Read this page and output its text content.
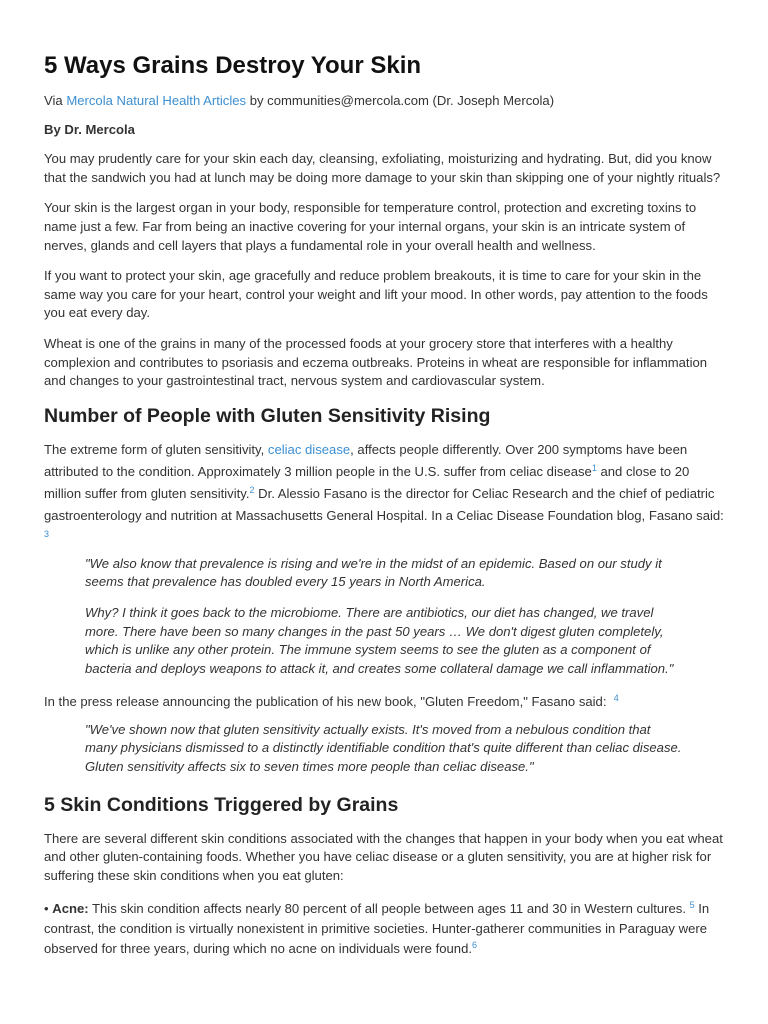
5 Ways Grains Destroy Your Skin

Via Mercola Natural Health Articles by communities@mercola.com (Dr. Joseph Mercola)

By Dr. Mercola

You may prudently care for your skin each day, cleansing, exfoliating, moisturizing and hydrating. But, did you know that the sandwich you had at lunch may be doing more damage to your skin than skipping one of your nightly rituals?

Your skin is the largest organ in your body, responsible for temperature control, protection and excreting toxins to name just a few. Far from being an inactive covering for your internal organs, your skin is an intricate system of nerves, glands and cell layers that plays a fundamental role in your overall health and wellness.

If you want to protect your skin, age gracefully and reduce problem breakouts, it is time to care for your skin in the same way you care for your heart, control your weight and lift your mood. In other words, pay attention to the foods you eat every day.

Wheat is one of the grains in many of the processed foods at your grocery store that interferes with a healthy complexion and contributes to psoriasis and eczema outbreaks. Proteins in wheat are responsible for inflammation and changes to your gastrointestinal tract, nervous system and cardiovascular system.

Number of People with Gluten Sensitivity Rising

The extreme form of gluten sensitivity, celiac disease, affects people differently. Over 200 symptoms have been attributed to the condition. Approximately 3 million people in the U.S. suffer from celiac disease$^1$ and close to 20 million suffer from gluten sensitivity.$^2$ Dr. Alessio Fasano is the director for Celiac Research and the chief of pediatric gastroenterology and nutrition at Massachusetts General Hospital. In a Celiac Disease Foundation blog, Fasano said:
3

"We also know that prevalence is rising and we're in the midst of an epidemic. Based on our study it seems that prevalence has doubled every 15 years in North America.

Why? I think it goes back to the microbiome. There are antibiotics, our diet has changed, we travel more. There have been so many changes in the past 50 years … We don't digest gluten completely, which is unlike any other protein. The immune system seems to see the gluten as a component of bacteria and deploys weapons to attack it, and creates some collateral damage we call inflammation."

In the press release announcing the publication of his new book, "Gluten Freedom," Fasano said: $^4$

"We've shown now that gluten sensitivity actually exists. It's moved from a nebulous condition that many physicians dismissed to a distinctly identifiable condition that's quite different than celiac disease. Gluten sensitivity affects six to seven times more people than celiac disease."

5 Skin Conditions Triggered by Grains

There are several different skin conditions associated with the changes that happen in your body when you eat wheat and other gluten-containing foods. Whether you have celiac disease or a gluten sensitivity, you are at higher risk for suffering these skin conditions when you eat gluten:

• Acne: This skin condition affects nearly 80 percent of all people between ages 11 and 30 in Western cultures. $^5$ In contrast, the condition is virtually nonexistent in primitive societies. Hunter-gatherer communities in Paraguay were observed for three years, during which no acne on individuals were found.$^6$
